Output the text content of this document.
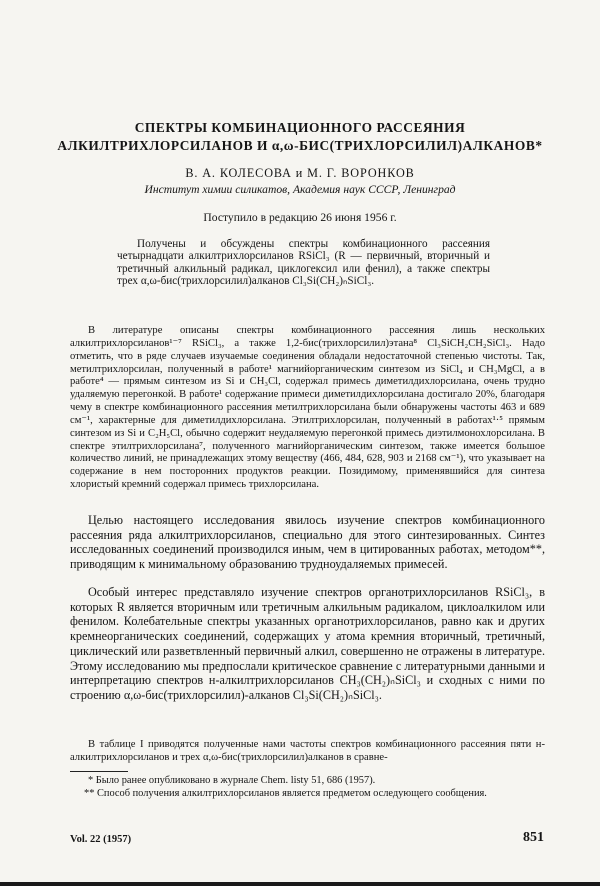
СПЕКТРЫ КОМБИНАЦИОННОГО РАССЕЯНИЯ
АЛКИЛТРИХЛОРСИЛАНОВ И α,ω-БИС(ТРИХЛОРСИЛИЛ)АЛКАНОВ*
В. А. КОЛЕСОВА и М. Г. ВОРОНКОВ
Институт химии силикатов, Академия наук СССР, Ленинград
Поступило в редакцию 26 июня 1956 г.

Получены и обсуждены спектры комбинационного рассеяния четырнадцати алкилтрихлорсиланов RSiCl₃ (R — первичный, вторичный и третичный алкильный радикал, циклогексил или фенил), а также спектры трех α,ω-бис(трихлорсилил)алканов Cl₃Si(CH₂)ₙSiCl₃.

В литературе описаны спектры комбинационного рассеяния лишь нескольких алкилтрихлорсиланов¹⁻⁷ RSiCl₃, а также 1,2-бис(трихлорсилил)этана⁸ Cl₃SiCH₂CH₂SiCl₃. Надо отметить, что в ряде случаев изучаемые соединения обладали недостаточной степенью чистоты. Так, метилтрихлорсилан, полученный в работе¹ магнийорганическим синтезом из SiCl₄ и CH₃MgCl, а в работе⁴ — прямым синтезом из Si и CH₃Cl, содержал примесь диметилдихлорсилана, очень трудно удаляемую перегонкой. В работе¹ содержание примеси диметилдихлорсилана достигало 20%, благодаря чему в спектре комбинационного рассеяния метилтрихлорсилана были обнаружены частоты 463 и 689 см⁻¹, характерные для диметилдихлорсилана. Этилтрихлорсилан, полученный в работах¹·⁵ прямым синтезом из Si и C₂H₅Cl, обычно содержит неудаляемую перегонкой примесь диэтилмонохлорсилана. В спектре этилтрихлорсилана⁷, полученного магнийорганическим синтезом, также имеется большое количество линий, не принадлежащих этому веществу (466, 484, 628, 903 и 2168 см⁻¹), что указывает на содержание в нем посторонних продуктов реакции. Позидимому, применявшийся для синтеза хлористый кремний содержал примесь трихлорсилана.

Целью настоящего исследования явилось изучение спектров комбинационного рассеяния ряда алкилтрихлорсиланов, специально для этого синтезированных. Синтез исследованных соединений производился иным, чем в цитированных работах, методом**, приводящим к минимальному образованию трудноудаляемых примесей.

Особый интерес представляло изучение спектров органотрихлорсиланов RSiCl₃, в которых R является вторичным или третичным алкильным радикалом, циклоалкилом или фенилом. Колебательные спектры указанных органотрихлорсиланов, равно как и других кремнеорганических соединений, содержащих у атома кремния вторичный, третичный, циклический или разветвленный первичный алкил, совершенно не отражены в литературе. Этому исследованию мы предпослали критическое сравнение с литературными данными и интерпретацию спектров н-алкилтрихлорсиланов CH₃(CH₂)ₙSiCl₃ и сходных с ними по строению α,ω-бис(трихлорсилил)-алканов Cl₃Si(CH₂)ₙSiCl₃.

В таблице I приводятся полученные нами частоты спектров комбинационного рассеяния пяти н-алкилтрихлорсиланов и трех α,ω-бис(трихлорсилил)алканов в сравне-

* Было ранее опубликовано в журнале Chem. listy 51, 686 (1957).

** Способ получения алкилтрихлорсиланов является предметом оследующего сообщения.

Vol. 22 (1957)	851
